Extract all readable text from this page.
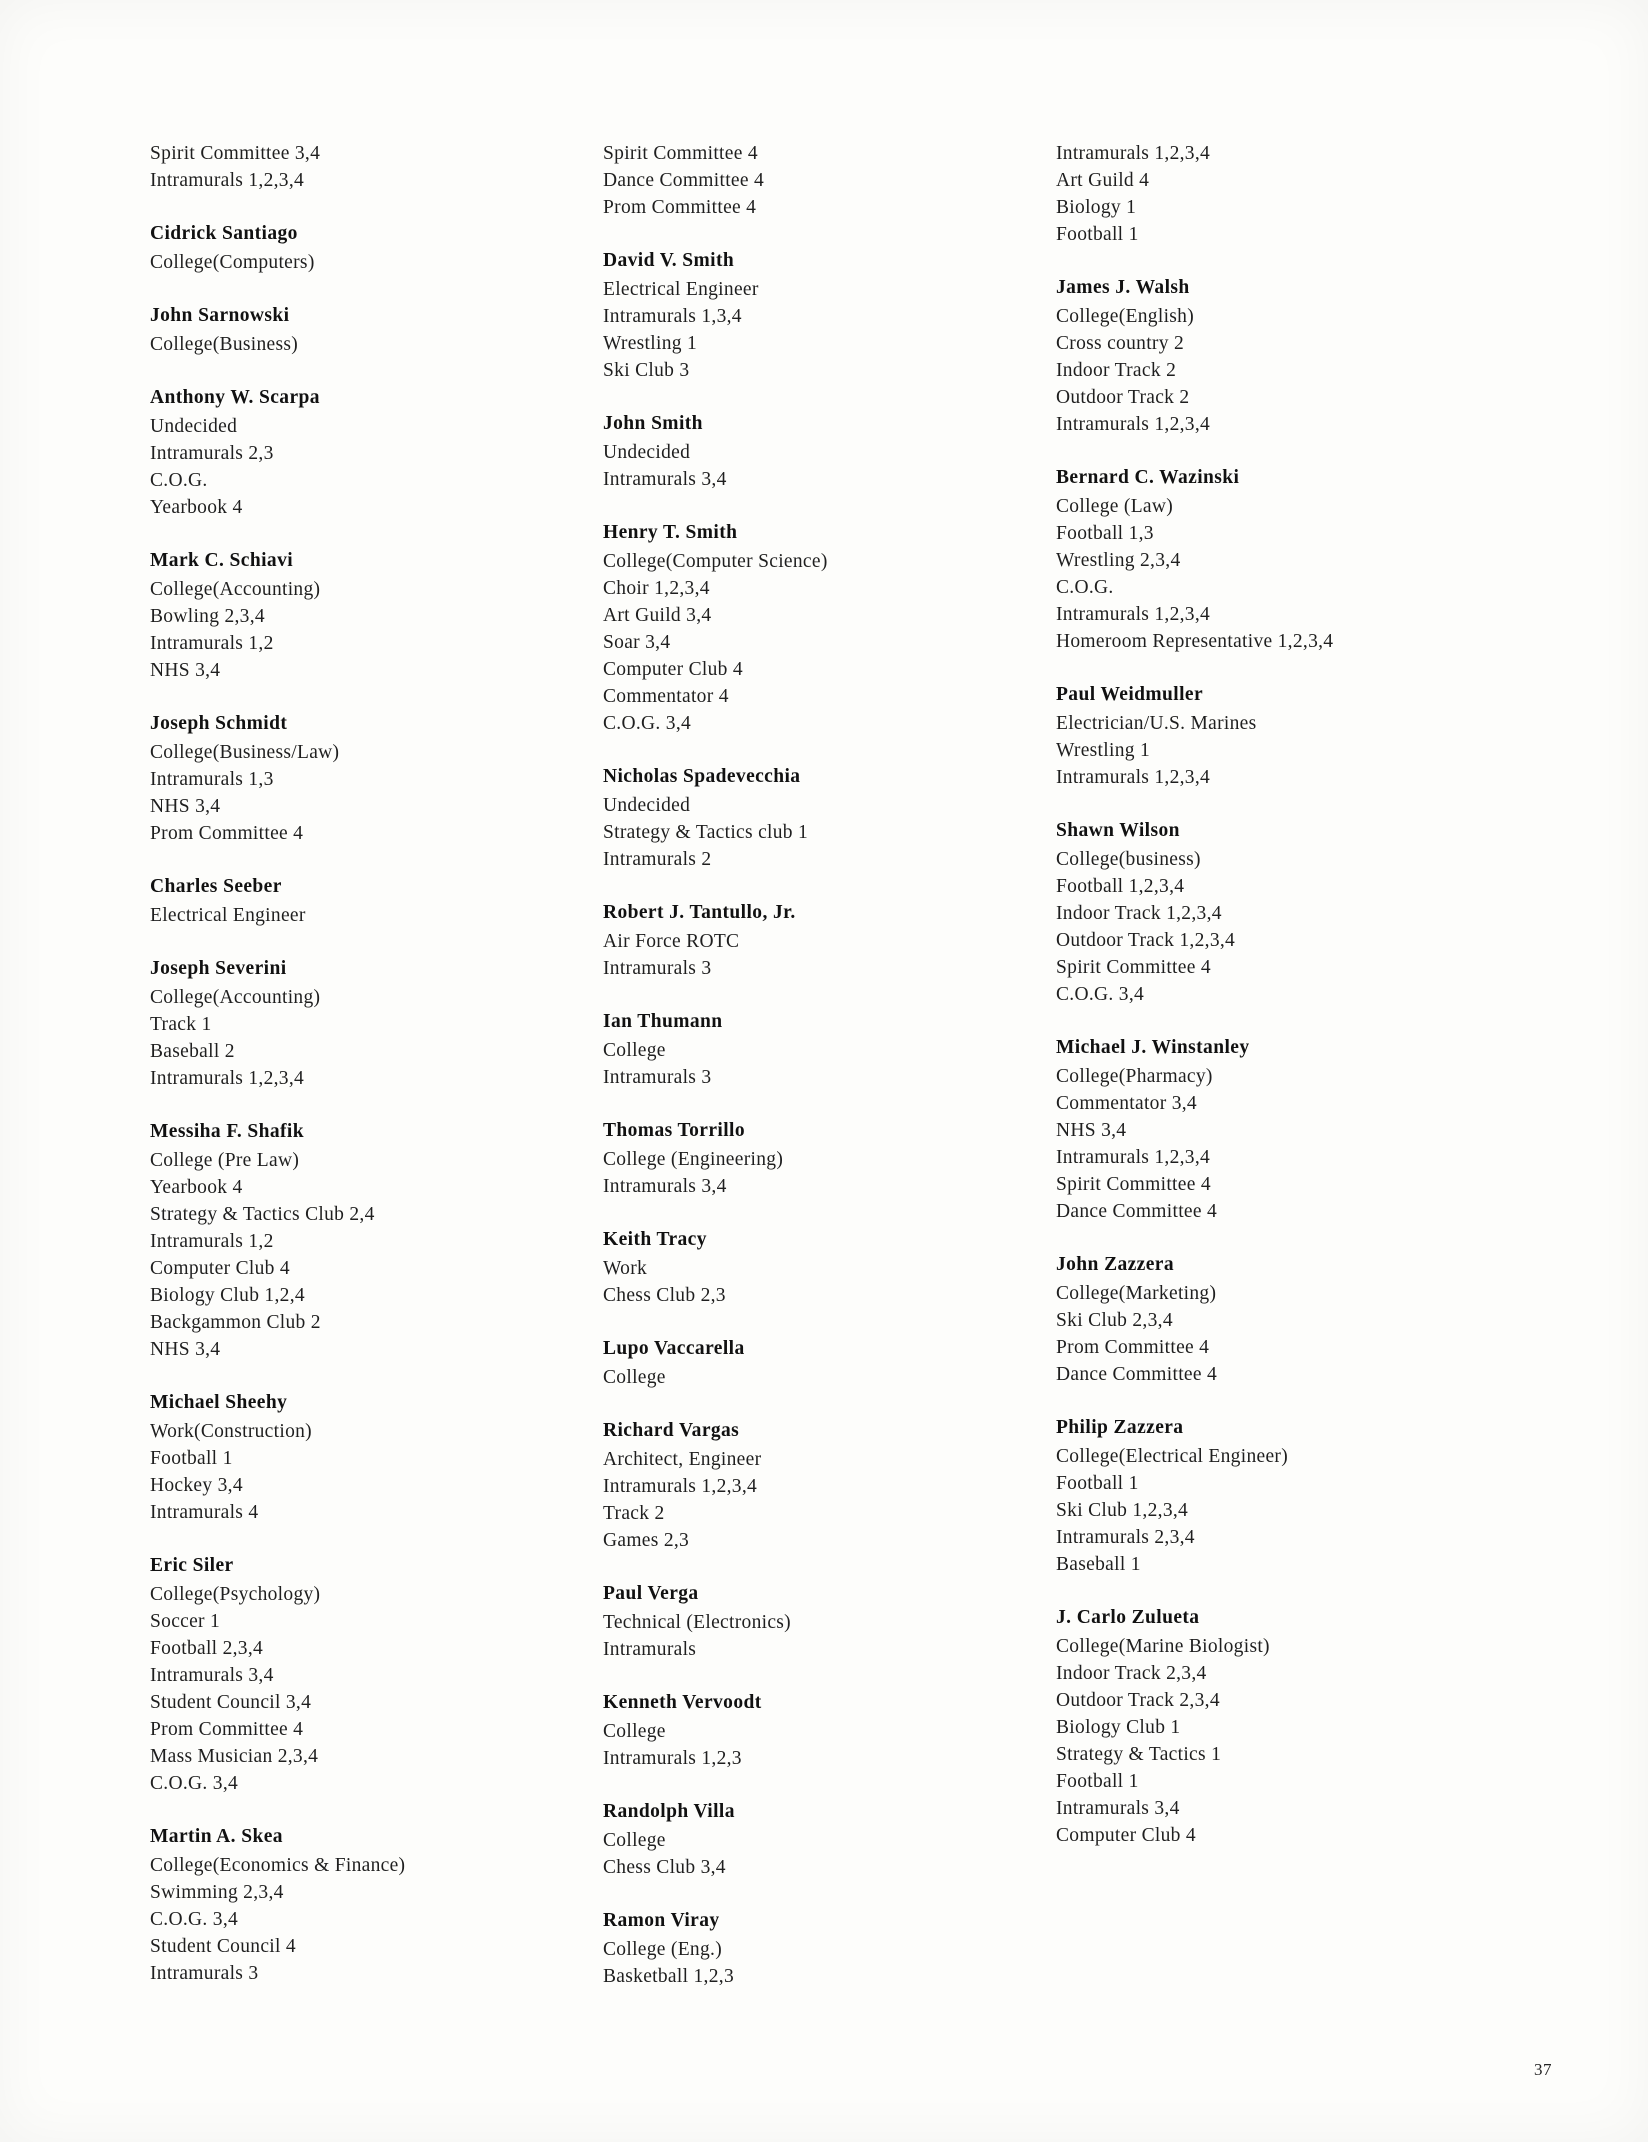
Spirit Committee 3,4
Intramurals 1,2,3,4
Cidrick Santiago
College(Computers)
John Sarnowski
College(Business)
Anthony W. Scarpa
Undecided
Intramurals 2,3
C.O.G.
Yearbook 4
Mark C. Schiavi
College(Accounting)
Bowling 2,3,4
Intramurals 1,2
NHS 3,4
Joseph Schmidt
College(Business/Law)
Intramurals 1,3
NHS 3,4
Prom Committee 4
Charles Seeber
Electrical Engineer
Joseph Severini
College(Accounting)
Track 1
Baseball 2
Intramurals 1,2,3,4
Messiha F. Shafik
College (Pre Law)
Yearbook 4
Strategy & Tactics Club 2,4
Intramurals 1,2
Computer Club 4
Biology Club 1,2,4
Backgammon Club 2
NHS 3,4
Michael Sheehy
Work(Construction)
Football 1
Hockey 3,4
Intramurals 4
Eric Siler
College(Psychology)
Soccer 1
Football 2,3,4
Intramurals 3,4
Student Council 3,4
Prom Committee 4
Mass Musician 2,3,4
C.O.G. 3,4
Martin A. Skea
College(Economics & Finance)
Swimming 2,3,4
C.O.G. 3,4
Student Council 4
Intramurals 3
Spirit Committee 4
Dance Committee 4
Prom Committee 4
David V. Smith
Electrical Engineer
Intramurals 1,3,4
Wrestling 1
Ski Club 3
John Smith
Undecided
Intramurals 3,4
Henry T. Smith
College(Computer Science)
Choir 1,2,3,4
Art Guild 3,4
Soar 3,4
Computer Club 4
Commentator 4
C.O.G. 3,4
Nicholas Spadevecchia
Undecided
Strategy & Tactics club 1
Intramurals 2
Robert J. Tantullo, Jr.
Air Force ROTC
Intramurals 3
Ian Thumann
College
Intramurals 3
Thomas Torrillo
College (Engineering)
Intramurals 3,4
Keith Tracy
Work
Chess Club 2,3
Lupo Vaccarella
College
Richard Vargas
Architect, Engineer
Intramurals 1,2,3,4
Track 2
Games 2,3
Paul Verga
Technical (Electronics)
Intramurals
Kenneth Vervoodt
College
Intramurals 1,2,3
Randolph Villa
College
Chess Club 3,4
Ramon Viray
College (Eng.)
Basketball 1,2,3
Intramurals 1,2,3,4
Art Guild 4
Biology 1
Football 1
James J. Walsh
College(English)
Cross country 2
Indoor Track 2
Outdoor Track 2
Intramurals 1,2,3,4
Bernard C. Wazinski
College (Law)
Football 1,3
Wrestling 2,3,4
C.O.G.
Intramurals 1,2,3,4
Homeroom Representative 1,2,3,4
Paul Weidmuller
Electrician/U.S. Marines
Wrestling 1
Intramurals 1,2,3,4
Shawn Wilson
College(business)
Football 1,2,3,4
Indoor Track 1,2,3,4
Outdoor Track 1,2,3,4
Spirit Committee 4
C.O.G. 3,4
Michael J. Winstanley
College(Pharmacy)
Commentator 3,4
NHS 3,4
Intramurals 1,2,3,4
Spirit Committee 4
Dance Committee 4
John Zazzera
College(Marketing)
Ski Club 2,3,4
Prom Committee 4
Dance Committee 4
Philip Zazzera
College(Electrical Engineer)
Football 1
Ski Club 1,2,3,4
Intramurals 2,3,4
Baseball 1
J. Carlo Zulueta
College(Marine Biologist)
Indoor Track 2,3,4
Outdoor Track 2,3,4
Biology Club 1
Strategy & Tactics 1
Football 1
Intramurals 3,4
Computer Club 4
37
